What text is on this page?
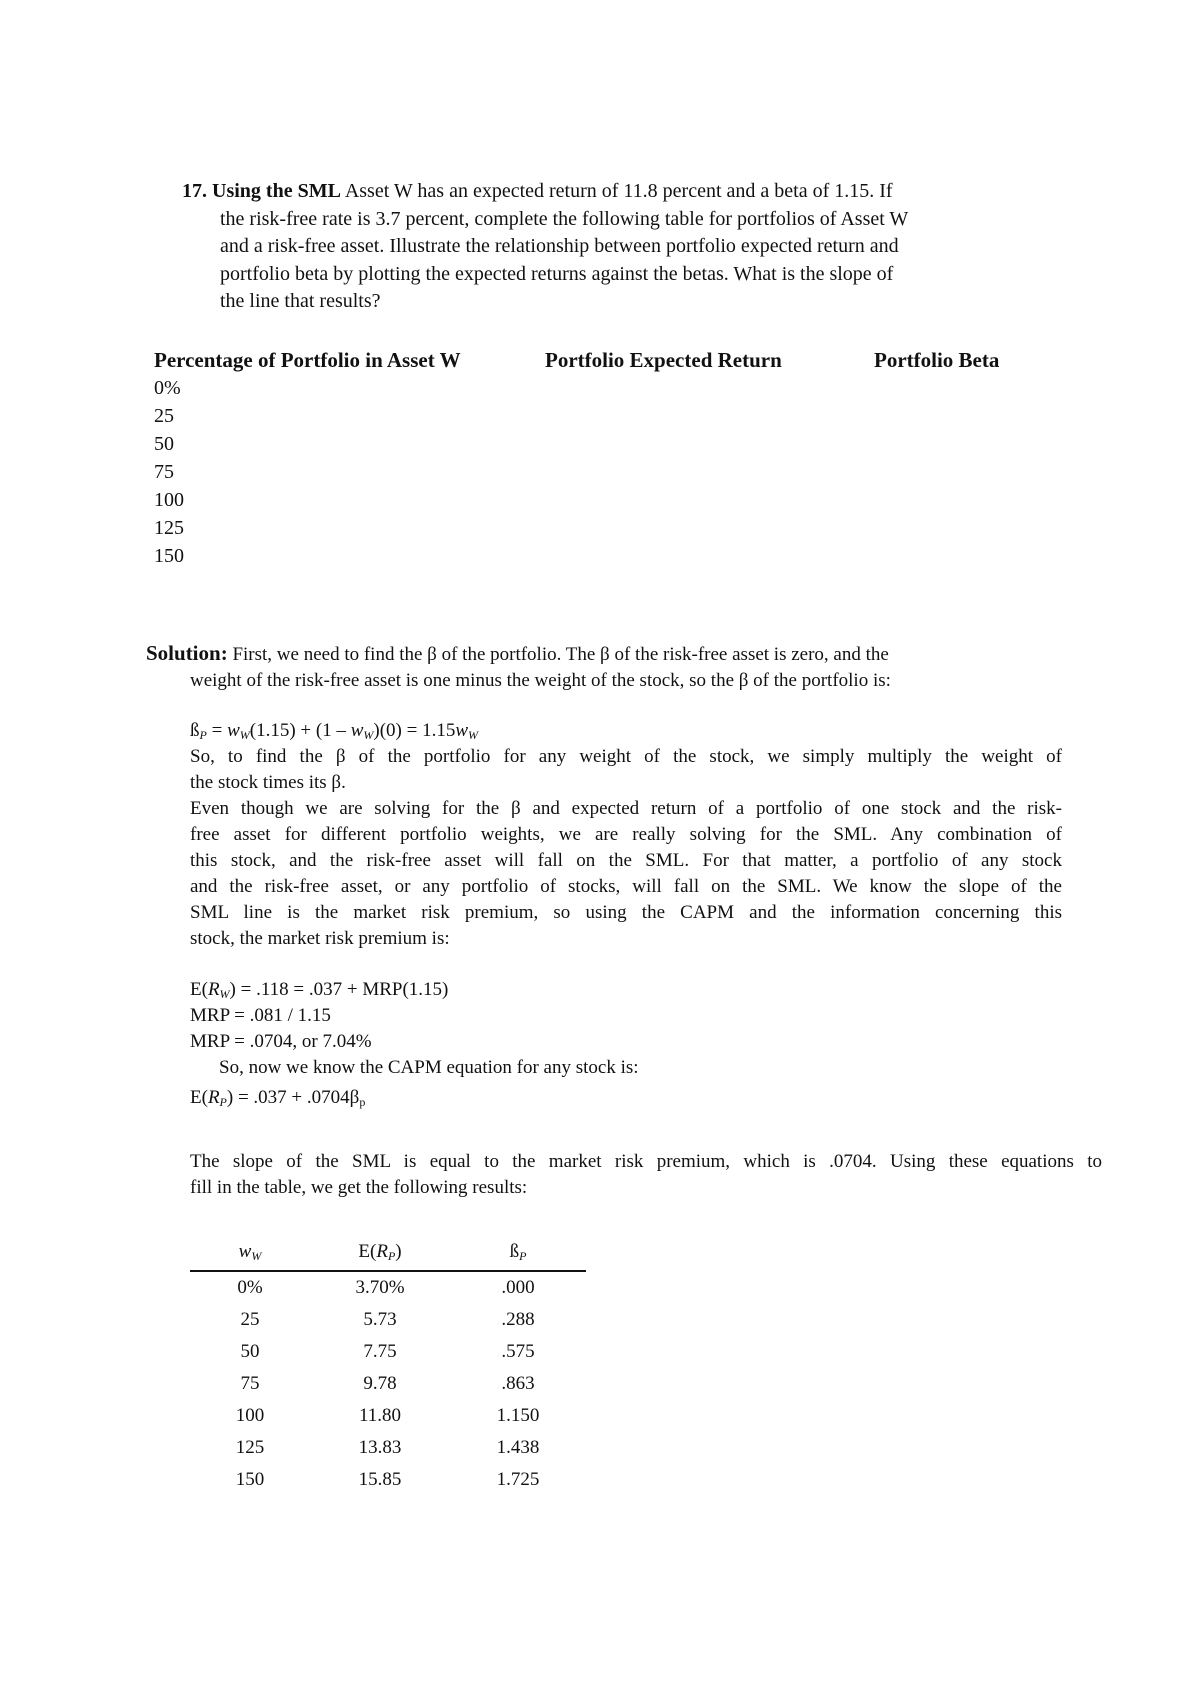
17. Using the SML Asset W has an expected return of 11.8 percent and a beta of 1.15. If
the risk-free rate is 3.7 percent, complete the following table for portfolios of Asset W
and a risk-free asset. Illustrate the relationship between portfolio expected return and
portfolio beta by plotting the expected returns against the betas. What is the slope of
the line that results?
Percentage of Portfolio in Asset W	Portfolio Expected Return	Portfolio Beta
0%
25
50
75
100
125
150
Solution: First, we need to find the β of the portfolio. The β of the risk-free asset is zero, and the
weight of the risk-free asset is one minus the weight of the stock, so the β of the portfolio is:
$ß_P = w_W(1.15) + (1 - w_W)(0) = 1.15w_W$
So, to find the β of the portfolio for any weight of the stock, we simply multiply the weight of
the stock times its β.
Even though we are solving for the β and expected return of a portfolio of one stock and the risk-
free asset for different portfolio weights, we are really solving for the SML. Any combination of
this stock, and the risk-free asset will fall on the SML. For that matter, a portfolio of any stock
and the risk-free asset, or any portfolio of stocks, will fall on the SML. We know the slope of the
SML line is the market risk premium, so using the CAPM and the information concerning this
stock, the market risk premium is:
$E(R_W) = .118 = .037 + MRP(1.15)$
MRP = .081 / 1.15
MRP = .0704, or 7.04%
So, now we know the CAPM equation for any stock is:
$E(R_P) = .037 + .0704\beta_p$
The slope of the SML is equal to the market risk premium, which is .0704. Using these equations to
fill in the table, we get the following results:
$w_W$	$E(R_P)$	$ß_P$
0%	3.70%	.000
25	5.73	.288
50	7.75	.575
75	9.78	.863
100	11.80	1.150
125	13.83	1.438
150	15.85	1.725
